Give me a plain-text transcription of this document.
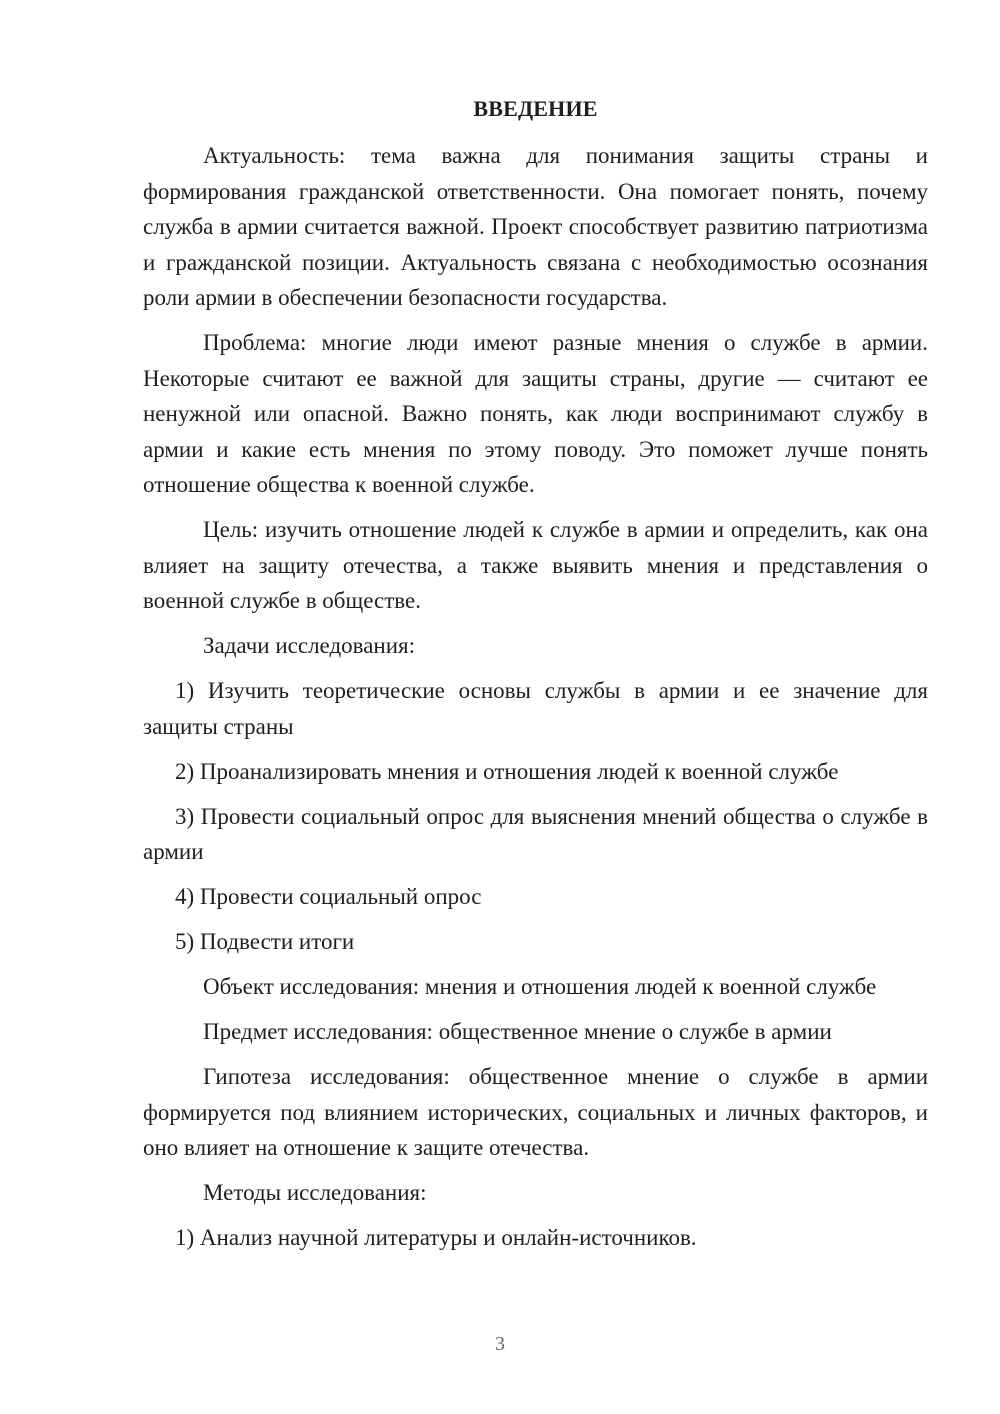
ВВЕДЕНИЕ

Актуальность: тема важна для понимания защиты страны и формирования гражданской ответственности. Она помогает понять, почему служба в армии считается важной. Проект способствует развитию патриотизма и гражданской позиции. Актуальность связана с необходимостью осознания роли армии в обеспечении безопасности государства.

Проблема: многие люди имеют разные мнения о службе в армии. Некоторые считают ее важной для защиты страны, другие — считают ее ненужной или опасной. Важно понять, как люди воспринимают службу в армии и какие есть мнения по этому поводу. Это поможет лучше понять отношение общества к военной службе.

Цель: изучить отношение людей к службе в армии и определить, как она влияет на защиту отечества, а также выявить мнения и представления о военной службе в обществе.

Задачи исследования:

1) Изучить теоретические основы службы в армии и ее значение для защиты страны

2) Проанализировать мнения и отношения людей к военной службе

3) Провести социальный опрос для выяснения мнений общества о службе в армии

4) Провести социальный опрос

5) Подвести итоги

Объект исследования: мнения и отношения людей к военной службе

Предмет исследования: общественное мнение о службе в армии

Гипотеза исследования: общественное мнение о службе в армии формируется под влиянием исторических, социальных и личных факторов, и оно влияет на отношение к защите отечества.

Методы исследования:

1) Анализ научной литературы и онлайн-источников.

3
